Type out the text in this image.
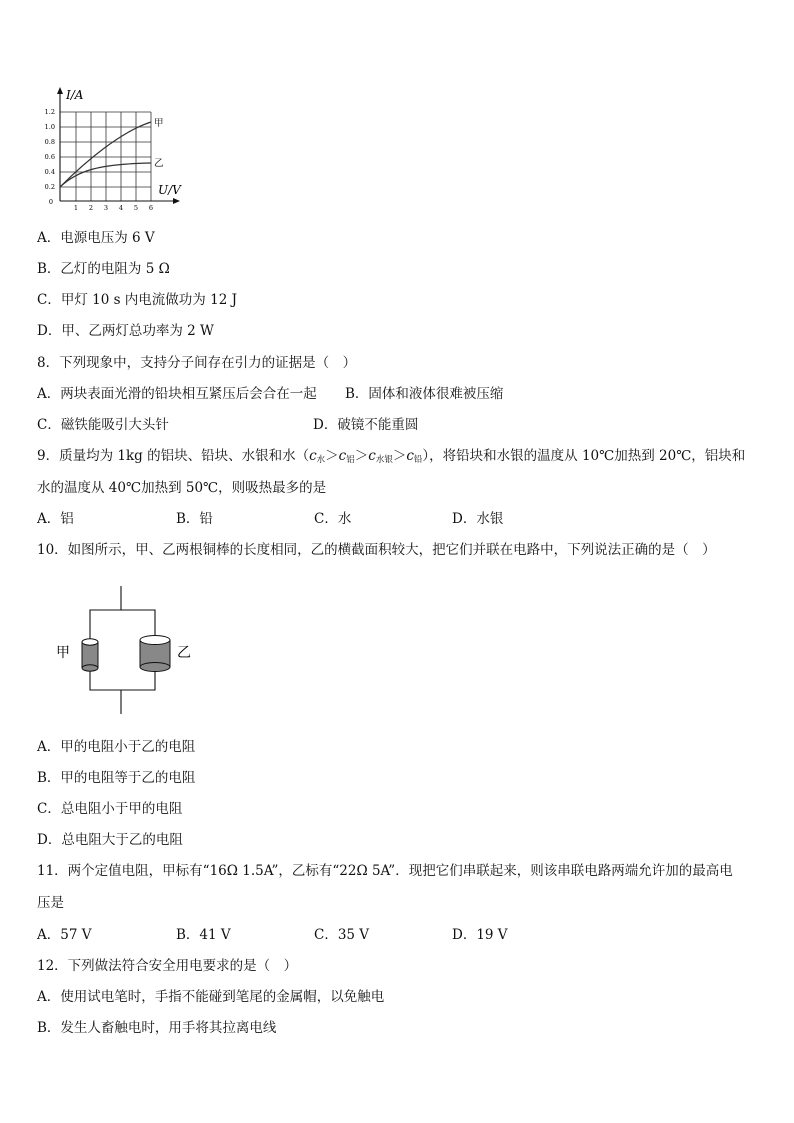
I/A
U/V
甲
乙
0
0.2
0.4
0.6
0.8
1.0
1.2
1 2 3 4 5 6
A．电源电压为 6 V
B．乙灯的电阻为 5 Ω
C．甲灯 10 s 内电流做功为 12 J
D．甲、乙两灯总功率为 2 W
8．下列现象中，支持分子间存在引力的证据是（　）
A．两块表面光滑的铅块相互紧压后会合在一起 B．固体和液体很难被压缩
C．磁铁能吸引大头针	D．破镜不能重圆
9．质量均为 1kg 的铝块、铅块、水银和水$(c_水>c_铝>c_{水银}>c_铅)$，将铅块和水银的温度从 10℃加热到 20℃，铝块和
水的温度从 40℃加热到 50℃，则吸热最多的是
A．铝	B．铅	C．水	D．水银
10．如图所示，甲、乙两根铜棒的长度相同，乙的横截面积较大，把它们并联在电路中，下列说法正确的是（　）
甲	乙
A．甲的电阻小于乙的电阻
B．甲的电阻等于乙的电阻
C．总电阻小于甲的电阻
D．总电阻大于乙的电阻
11．两个定值电阻，甲标有“16Ω 1.5A”，乙标有“22Ω 5A”．现把它们串联起来，则该串联电路两端允许加的最高电
压是
A．57 V	B．41 V	C．35 V	D．19 V
12．下列做法符合安全用电要求的是（　）
A．使用试电笔时，手指不能碰到笔尾的金属帽，以免触电
B．发生人畜触电时，用手将其拉离电线
